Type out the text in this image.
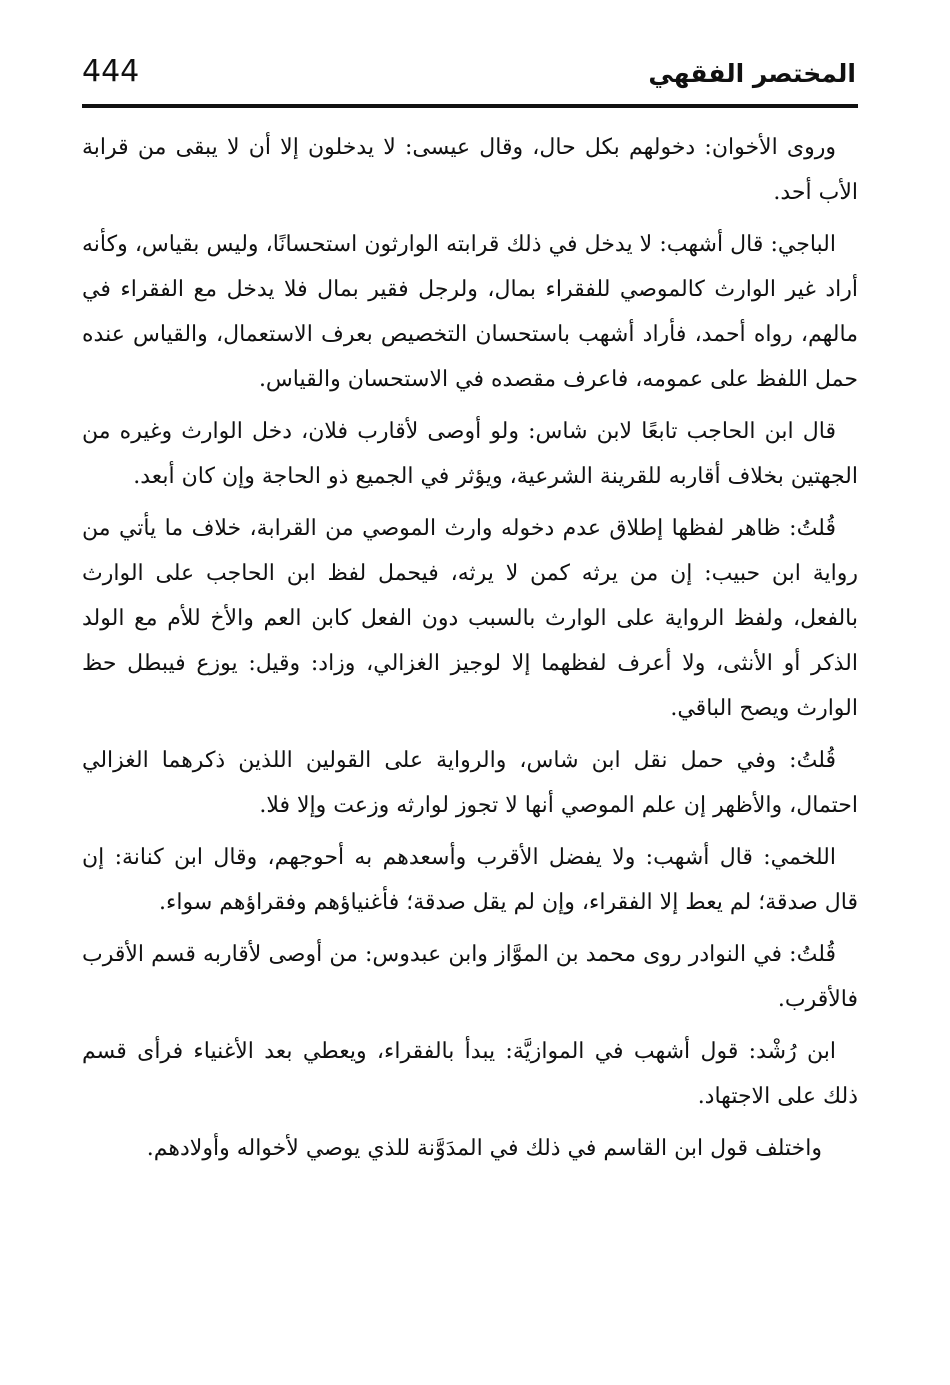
444	المختصر الفقهي

وروى الأخوان: دخولهم بكل حال، وقال عيسى: لا يدخلون إلا أن لا يبقى من قرابة الأب أحد.

الباجي: قال أشهب: لا يدخل في ذلك قرابته الوارثون استحسانًا، وليس بقياس، وكأنه أراد غير الوارث كالموصي للفقراء بمال، ولرجل فقير بمال فلا يدخل مع الفقراء في مالهم، رواه أحمد، فأراد أشهب باستحسان التخصيص بعرف الاستعمال، والقياس عنده حمل اللفظ على عمومه، فاعرف مقصده في الاستحسان والقياس.

قال ابن الحاجب تابعًا لابن شاس: ولو أوصى لأقارب فلان، دخل الوارث وغيره من الجهتين بخلاف أقاربه للقرينة الشرعية، ويؤثر في الجميع ذو الحاجة وإن كان أبعد.

قُلتُ: ظاهر لفظها إطلاق عدم دخوله وارث الموصي من القرابة، خلاف ما يأتي من رواية ابن حبيب: إن من يرثه كمن لا يرثه، فيحمل لفظ ابن الحاجب على الوارث بالفعل، ولفظ الرواية على الوارث بالسبب دون الفعل كابن العم والأخ للأم مع الولد الذكر أو الأنثى، ولا أعرف لفظهما إلا لوجيز الغزالي، وزاد: وقيل: يوزع فيبطل حظ الوارث ويصح الباقي.

قُلتُ: وفي حمل نقل ابن شاس، والرواية على القولين اللذين ذكرهما الغزالي احتمال، والأظهر إن علم الموصي أنها لا تجوز لوارثه وزعت وإلا فلا.

اللخمي: قال أشهب: ولا يفضل الأقرب وأسعدهم به أحوجهم، وقال ابن كنانة: إن قال صدقة؛ لم يعط إلا الفقراء، وإن لم يقل صدقة؛ فأغنياؤهم وفقراؤهم سواء.

قُلتُ: في النوادر روى محمد بن الموَّاز وابن عبدوس: من أوصى لأقاربه قسم الأقرب فالأقرب.

ابن رُشْد: قول أشهب في الموازيَّة: يبدأ بالفقراء، ويعطي بعد الأغنياء فرأى قسم ذلك على الاجتهاد.

واختلف قول ابن القاسم في ذلك في المدَوَّنة للذي يوصي لأخواله وأولادهم.
